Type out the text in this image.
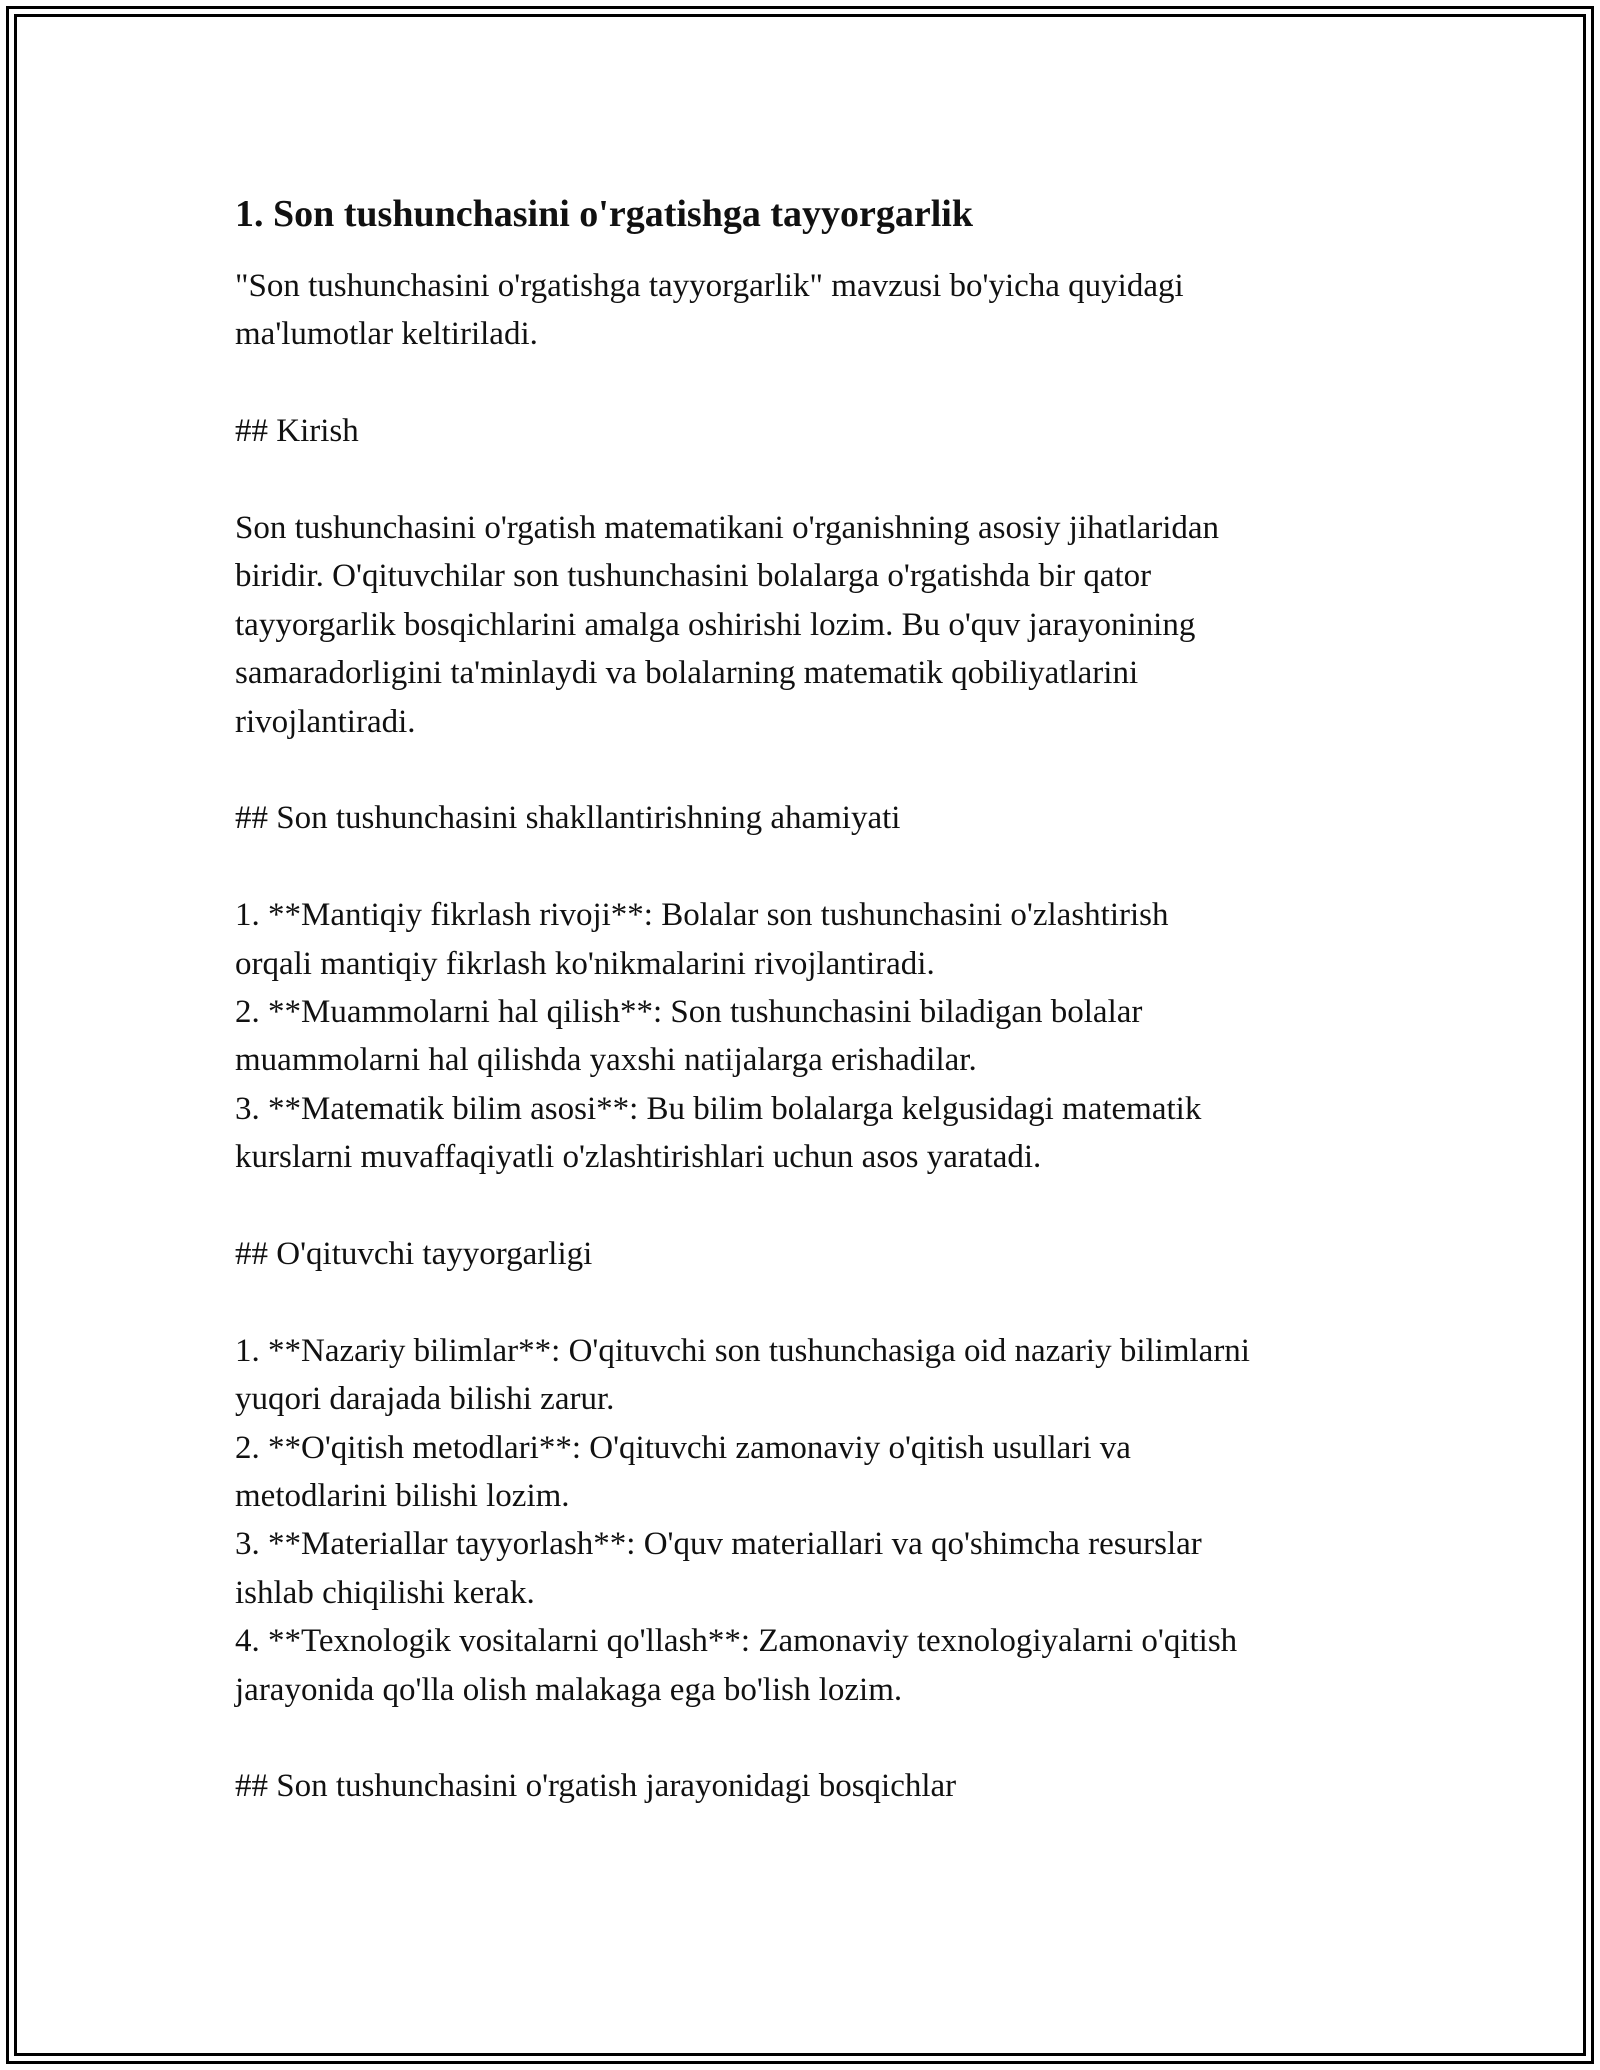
1. Son tushunchasini o'rgatishga tayyorgarlik

"Son tushunchasini o'rgatishga tayyorgarlik" mavzusi bo'yicha quyidagi

ma'lumotlar keltiriladi.

## Kirish

Son tushunchasini o'rgatish matematikani o'rganishning asosiy jihatlaridan

biridir. O'qituvchilar son tushunchasini bolalarga o'rgatishda bir qator

tayyorgarlik bosqichlarini amalga oshirishi lozim. Bu o'quv jarayonining

samaradorligini ta'minlaydi va bolalarning matematik qobiliyatlarini

rivojlantiradi.

## Son tushunchasini shakllantirishning ahamiyati

1. **Mantiqiy fikrlash rivoji**: Bolalar son tushunchasini o'zlashtirish

orqali mantiqiy fikrlash ko'nikmalarini rivojlantiradi.

2. **Muammolarni hal qilish**: Son tushunchasini biladigan bolalar

muammolarni hal qilishda yaxshi natijalarga erishadilar.

3. **Matematik bilim asosi**: Bu bilim bolalarga kelgusidagi matematik

kurslarni muvaffaqiyatli o'zlashtirishlari uchun asos yaratadi.

## O'qituvchi tayyorgarligi

1. **Nazariy bilimlar**: O'qituvchi son tushunchasiga oid nazariy bilimlarni

yuqori darajada bilishi zarur.

2. **O'qitish metodlari**: O'qituvchi zamonaviy o'qitish usullari va

metodlarini bilishi lozim.

3. **Materiallar tayyorlash**: O'quv materiallari va qo'shimcha resurslar

ishlab chiqilishi kerak.

4. **Texnologik vositalarni qo'llash**: Zamonaviy texnologiyalarni o'qitish

jarayonida qo'lla olish malakaga ega bo'lish lozim.

## Son tushunchasini o'rgatish jarayonidagi bosqichlar
